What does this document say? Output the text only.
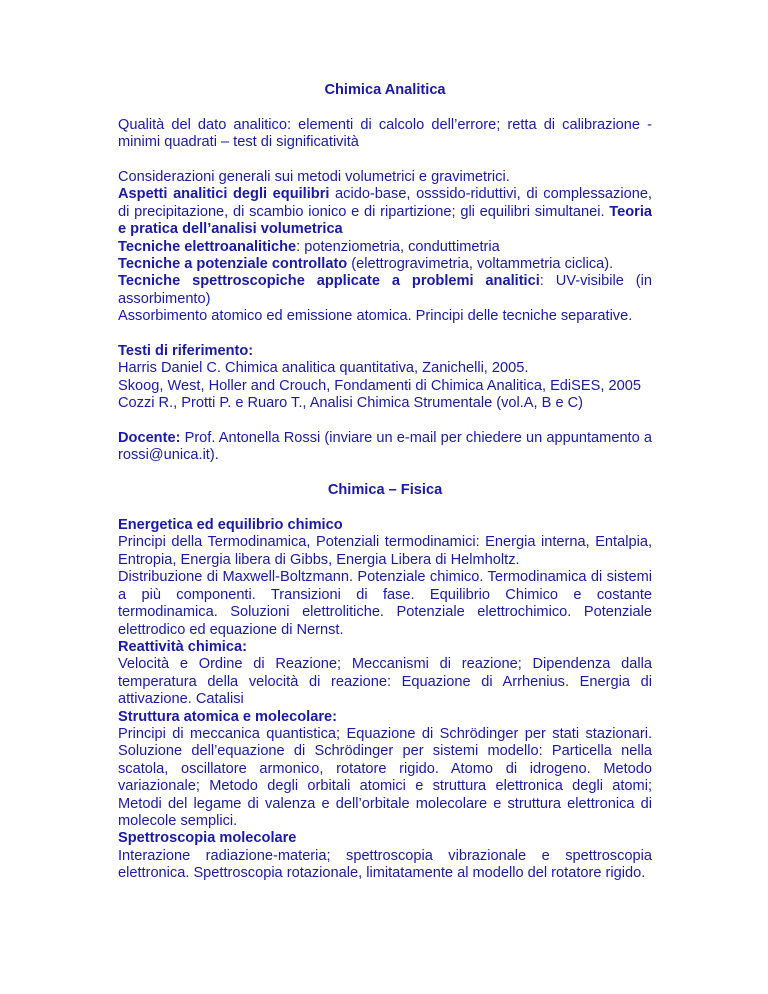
Chimica Analitica

Qualità del dato analitico: elementi di calcolo dell’errore; retta di calibrazione - minimi quadrati – test di significatività

Considerazioni generali sui metodi volumetrici e gravimetrici.

Aspetti analitici degli equilibri acido-base, osssido-riduttivi, di complessazione, di precipitazione, di scambio ionico e di ripartizione; gli equilibri simultanei. Teoria e pratica dell’analisi volumetrica

Tecniche elettroanalitiche: potenziometria, conduttimetria

Tecniche a potenziale controllato (elettrogravimetria, voltammetria ciclica).

Tecniche spettroscopiche applicate a problemi analitici: UV-visibile (in assorbimento)

Assorbimento atomico ed emissione atomica. Principi delle tecniche separative.

Testi di riferimento:

Harris Daniel C. Chimica analitica quantitativa, Zanichelli, 2005.

Skoog, West, Holler and Crouch, Fondamenti di Chimica Analitica, EdiSES, 2005

Cozzi R., Protti P. e Ruaro T., Analisi Chimica Strumentale (vol.A, B e C)

Docente: Prof. Antonella Rossi (inviare un e-mail per chiedere un appuntamento a rossi@unica.it).

Chimica – Fisica

Energetica ed equilibrio chimico

Principi della Termodinamica, Potenziali termodinamici: Energia interna, Entalpia, Entropia, Energia libera di Gibbs, Energia Libera di Helmholtz.

Distribuzione di Maxwell-Boltzmann. Potenziale chimico. Termodinamica di sistemi a più componenti. Transizioni di fase. Equilibrio Chimico e costante termodinamica. Soluzioni elettrolitiche. Potenziale elettrochimico. Potenziale elettrodico ed equazione di Nernst.

Reattività chimica:

Velocità e Ordine di Reazione; Meccanismi di reazione; Dipendenza dalla temperatura della velocità di reazione: Equazione di Arrhenius. Energia di attivazione. Catalisi

Struttura atomica e molecolare:

Principi di meccanica quantistica; Equazione di Schrödinger per stati stazionari. Soluzione dell’equazione di Schrödinger per sistemi modello: Particella nella scatola, oscillatore armonico, rotatore rigido. Atomo di idrogeno. Metodo variazionale; Metodo degli orbitali atomici e struttura elettronica degli atomi; Metodi del legame di valenza e dell’orbitale molecolare e struttura elettronica di molecole semplici.

Spettroscopia molecolare

Interazione radiazione-materia; spettroscopia vibrazionale e spettroscopia elettronica. Spettroscopia rotazionale, limitatamente al modello del rotatore rigido.
